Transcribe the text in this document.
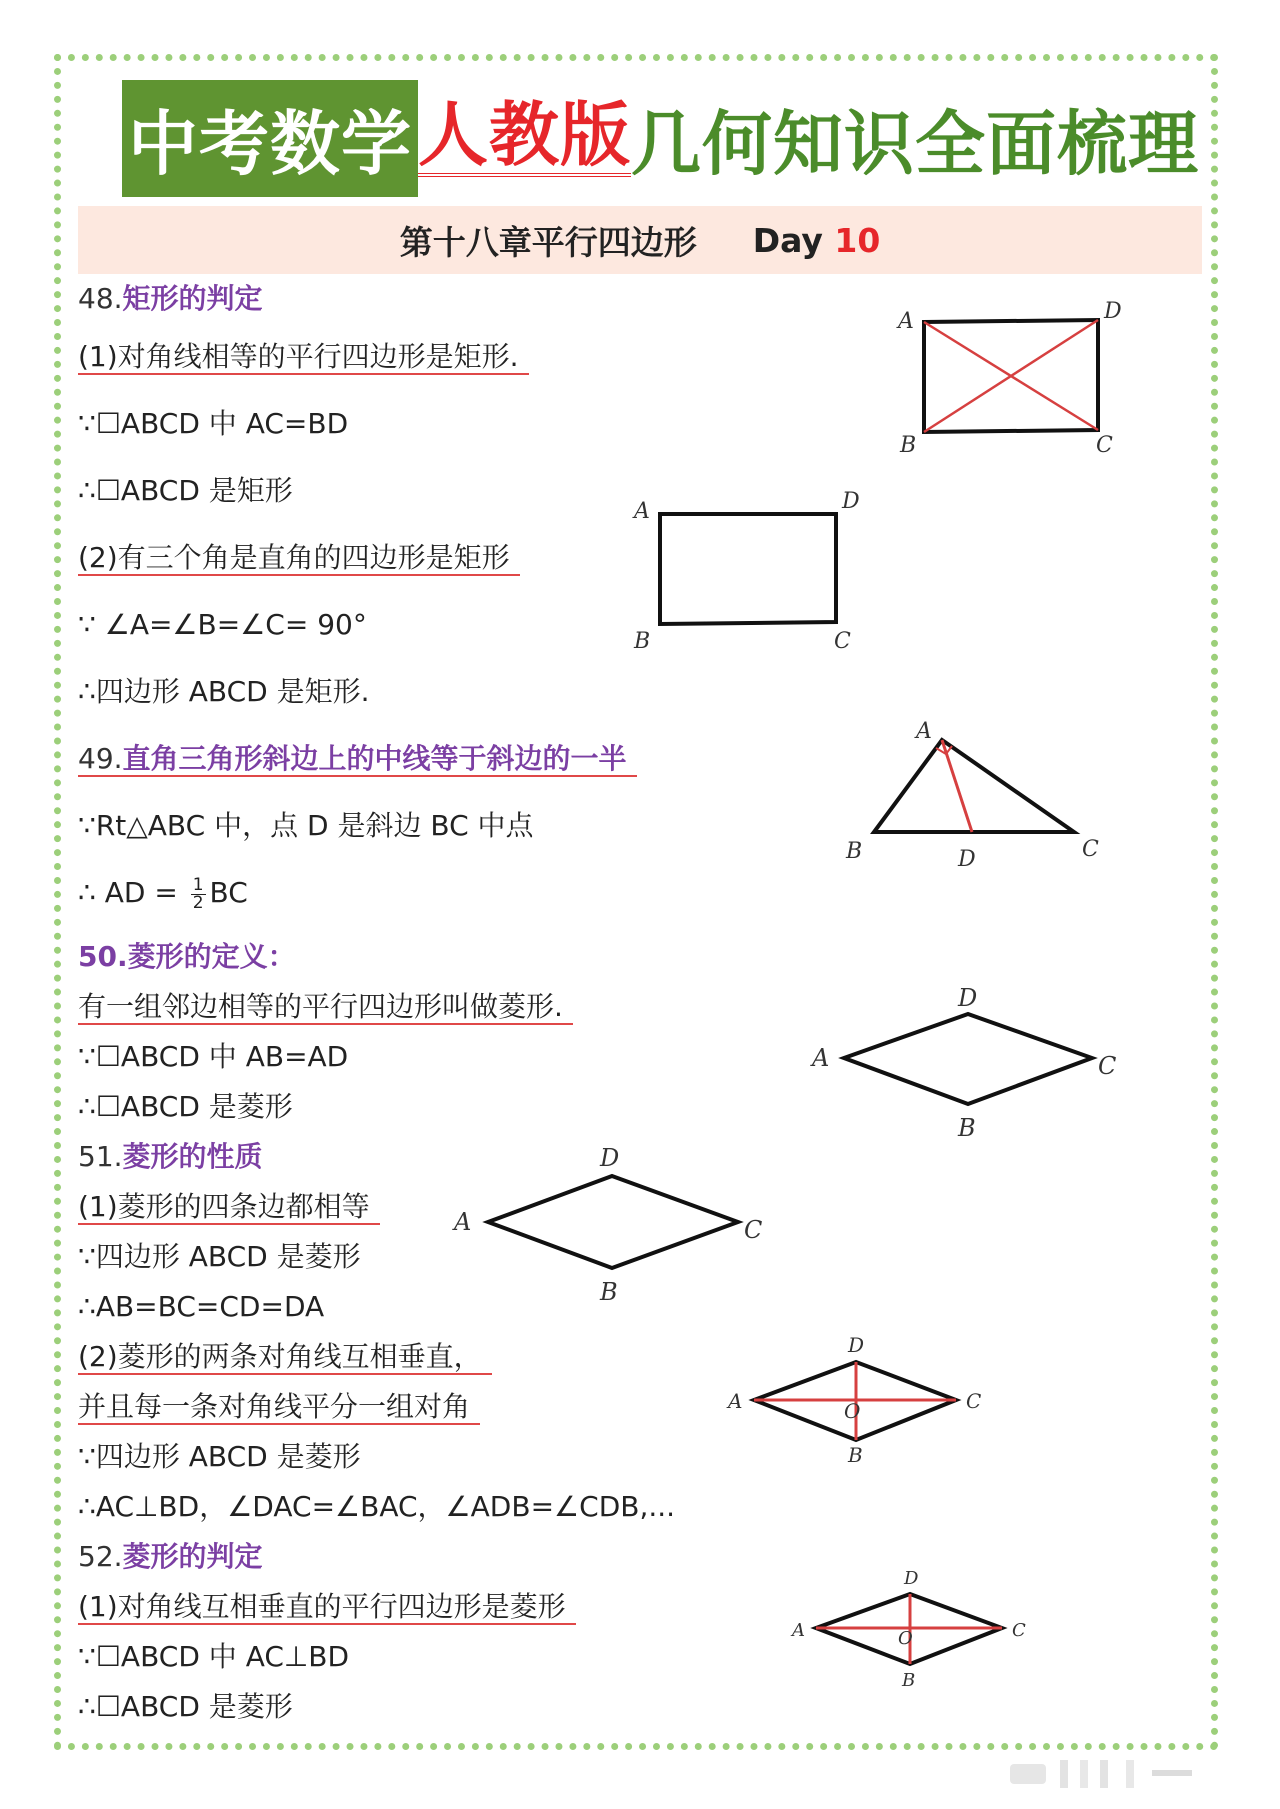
中考数学 人教版 几何知识全面梳理
第十八章平行四边形 Day 10
48.矩形的判定
(1)对角线相等的平行四边形是矩形.
∵☐ABCD 中 AC=BD
∴☐ABCD 是矩形
(2)有三个角是直角的四边形是矩形
∵ ∠A=∠B=∠C= 90°
∴四边形 ABCD 是矩形.
49.直角三角形斜边上的中线等于斜边的一半
∵Rt△ABC 中，点 D 是斜边 BC 中点
∴ AD = $\frac{1}{2}$ BC
50.菱形的定义：
有一组邻边相等的平行四边形叫做菱形.
∵☐ABCD 中 AB=AD
∴☐ABCD 是菱形
51.菱形的性质
(1)菱形的四条边都相等
∵四边形 ABCD 是菱形
∴AB=BC=CD=DA
(2)菱形的两条对角线互相垂直，
并且每一条对角线平分一组对角
∵四边形 ABCD 是菱形
∴AC⊥BD，∠DAC=∠BAC，∠ADB=∠CDB,...
52.菱形的判定
(1)对角线互相垂直的平行四边形是菱形
∵☐ABCD 中 AC⊥BD
∴☐ABCD 是菱形
A	D
B	C
A	D
B	C
A
B	D	C
A
D
C
B
A
D
C
B
A
D
C
O
B
A
D
C
O
B
